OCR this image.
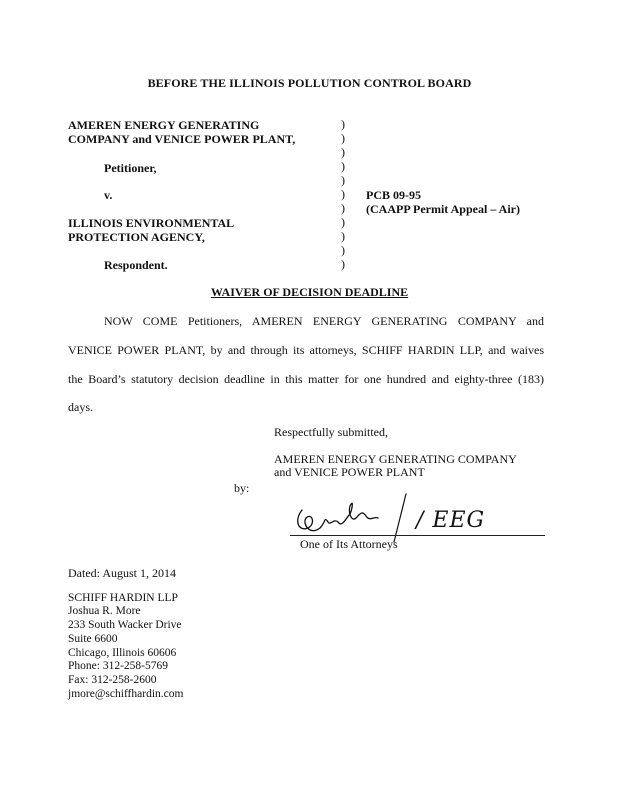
BEFORE THE ILLINOIS POLLUTION CONTROL BOARD
AMEREN ENERGY GENERATING
COMPANY and VENICE POWER PLANT,
Petitioner,
v.
ILLINOIS ENVIRONMENTAL
PROTECTION AGENCY,
Respondent.
)
)
)
)
)
)
)
)
)
)
)
PCB 09-95
(CAAPP Permit Appeal – Air)
WAIVER OF DECISION DEADLINE
NOW COME Petitioners, AMEREN ENERGY GENERATING COMPANY and
VENICE POWER PLANT, by and through its attorneys, SCHIFF HARDIN LLP, and waives
the Board’s statutory decision deadline in this matter for one hundred and eighty-three (183)
days.
Respectfully submitted,
AMEREN ENERGY GENERATING COMPANY
and VENICE POWER PLANT
by:
/ EEG
One of Its Attorneys
Dated: August 1, 2014
SCHIFF HARDIN LLP
Joshua R. More
233 South Wacker Drive
Suite 6600
Chicago, Illinois 60606
Phone: 312-258-5769
Fax: 312-258-2600
jmore@schiffhardin.com
